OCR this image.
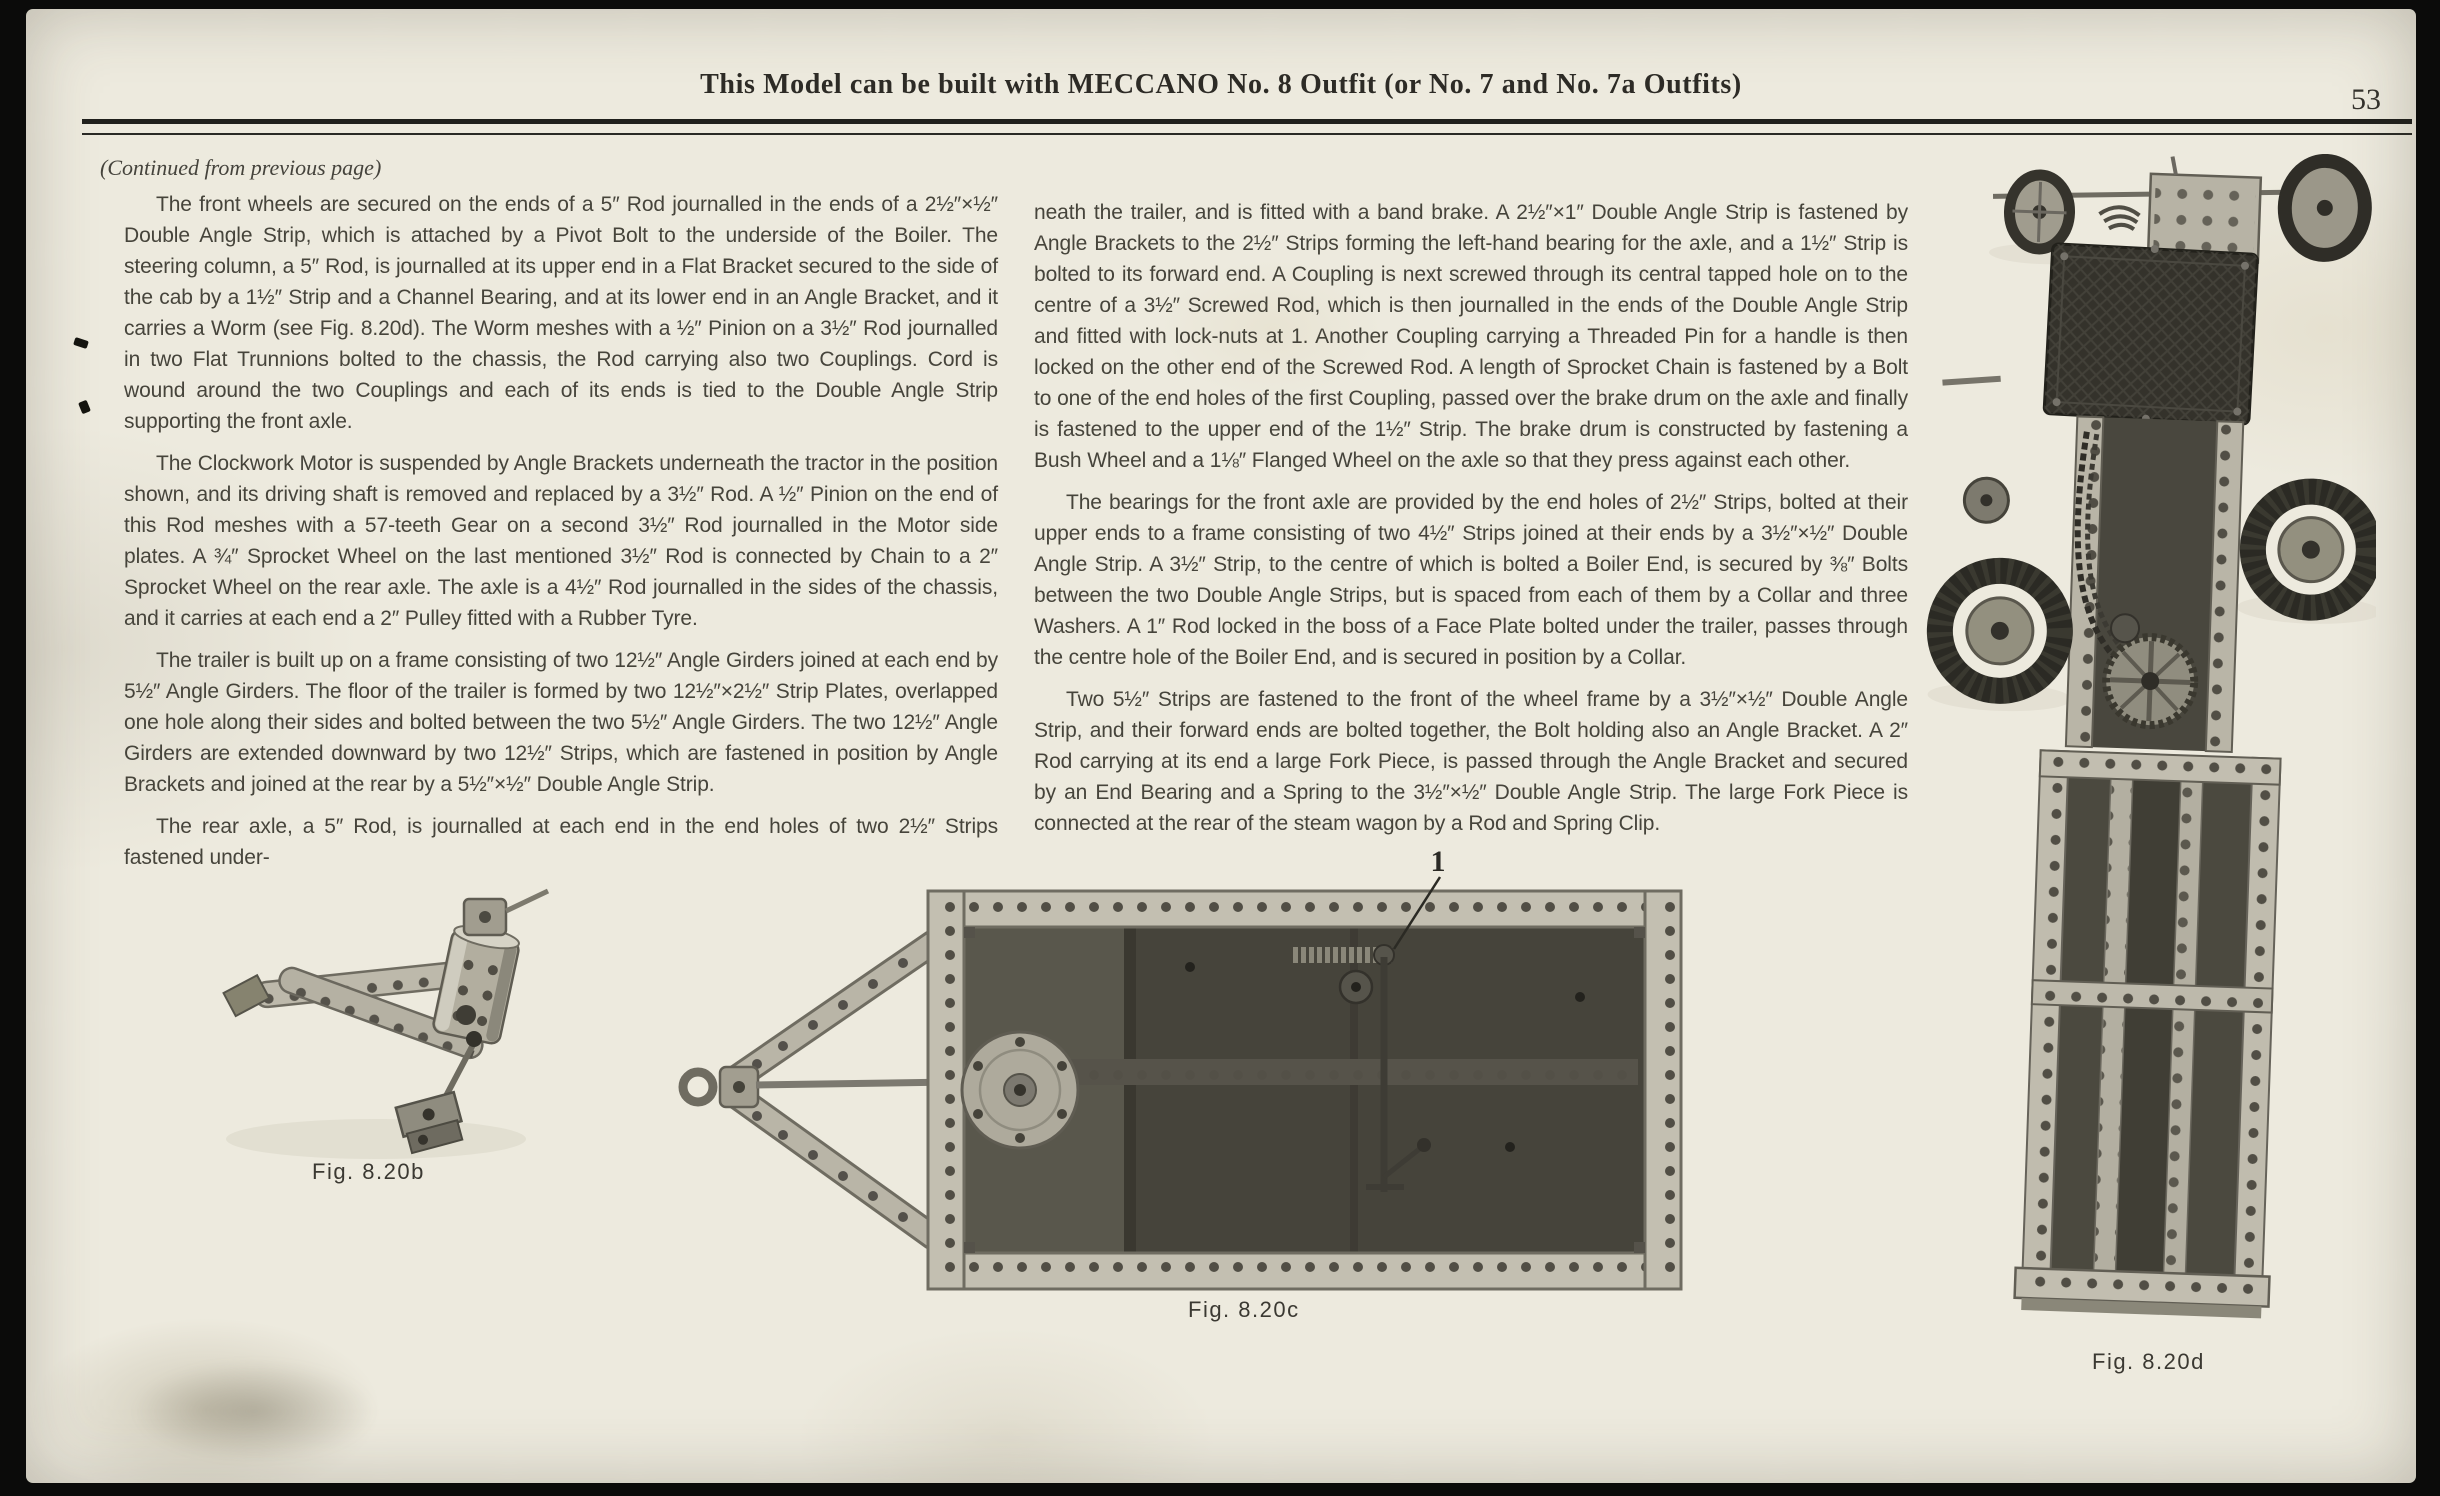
This Model can be built with MECCANO No. 8 Outfit (or No. 7 and No. 7a Outfits)	53
(Continued from previous page)

The front wheels are secured on the ends of a 5″ Rod journalled in the ends of a 2½″×½″ Double Angle Strip, which is attached by a Pivot Bolt to the underside of the Boiler. The steering column, a 5″ Rod, is journalled at its upper end in a Flat Bracket secured to the side of the cab by a 1½″ Strip and a Channel Bearing, and at its lower end in an Angle Bracket, and it carries a Worm (see Fig. 8.20d). The Worm meshes with a ½″ Pinion on a 3½″ Rod journalled in two Flat Trunnions bolted to the chassis, the Rod carrying also two Couplings. Cord is wound around the two Couplings and each of its ends is tied to the Double Angle Strip supporting the front axle.

The Clockwork Motor is suspended by Angle Brackets underneath the tractor in the position shown, and its driving shaft is removed and replaced by a 3½″ Rod. A ½″ Pinion on the end of this Rod meshes with a 57-teeth Gear on a second 3½″ Rod journalled in the Motor side plates. A ¾″ Sprocket Wheel on the last mentioned 3½″ Rod is connected by Chain to a 2″ Sprocket Wheel on the rear axle. The axle is a 4½″ Rod journalled in the sides of the chassis, and it carries at each end a 2″ Pulley fitted with a Rubber Tyre.

The trailer is built up on a frame consisting of two 12½″ Angle Girders joined at each end by 5½″ Angle Girders. The floor of the trailer is formed by two 12½″×2½″ Strip Plates, overlapped one hole along their sides and bolted between the two 5½″ Angle Girders. The two 12½″ Angle Girders are extended downward by two 12½″ Strips, which are fastened in position by Angle Brackets and joined at the rear by a 5½″×½″ Double Angle Strip.

The rear axle, a 5″ Rod, is journalled at each end in the end holes of two 2½″ Strips fastened under-

neath the trailer, and is fitted with a band brake. A 2½″×1″ Double Angle Strip is fastened by Angle Brackets to the 2½″ Strips forming the left-hand bearing for the axle, and a 1½″ Strip is bolted to its forward end. A Coupling is next screwed through its central tapped hole on to the centre of a 3½″ Screwed Rod, which is then journalled in the ends of the Double Angle Strip and fitted with lock-nuts at 1. Another Coupling carrying a Threaded Pin for a handle is then locked on the other end of the Screwed Rod. A length of Sprocket Chain is fastened by a Bolt to one of the end holes of the first Coupling, passed over the brake drum on the axle and finally is fastened to the upper end of the 1½″ Strip. The brake drum is constructed by fastening a Bush Wheel and a 1⅛″ Flanged Wheel on the axle so that they press against each other.

The bearings for the front axle are provided by the end holes of 2½″ Strips, bolted at their upper ends to a frame consisting of two 4½″ Strips joined at their ends by a 3½″×½″ Double Angle Strip. A 3½″ Strip, to the centre of which is bolted a Boiler End, is secured by ⅜″ Bolts between the two Double Angle Strips, but is spaced from each of them by a Collar and three Washers. A 1″ Rod locked in the boss of a Face Plate bolted under the trailer, passes through the centre hole of the Boiler End, and is secured in position by a Collar.

Two 5½″ Strips are fastened to the front of the wheel frame by a 3½″×½″ Double Angle Strip, and their forward ends are bolted together, the Bolt holding also an Angle Bracket. A 2″ Rod carrying at its end a large Fork Piece, is passed through the Angle Bracket and secured by an End Bearing and a Spring to the 3½″×½″ Double Angle Strip. The large Fork Piece is connected at the rear of the steam wagon by a Rod and Spring Clip.

Fig. 8.20b
1
Fig. 8.20c
Fig. 8.20d
